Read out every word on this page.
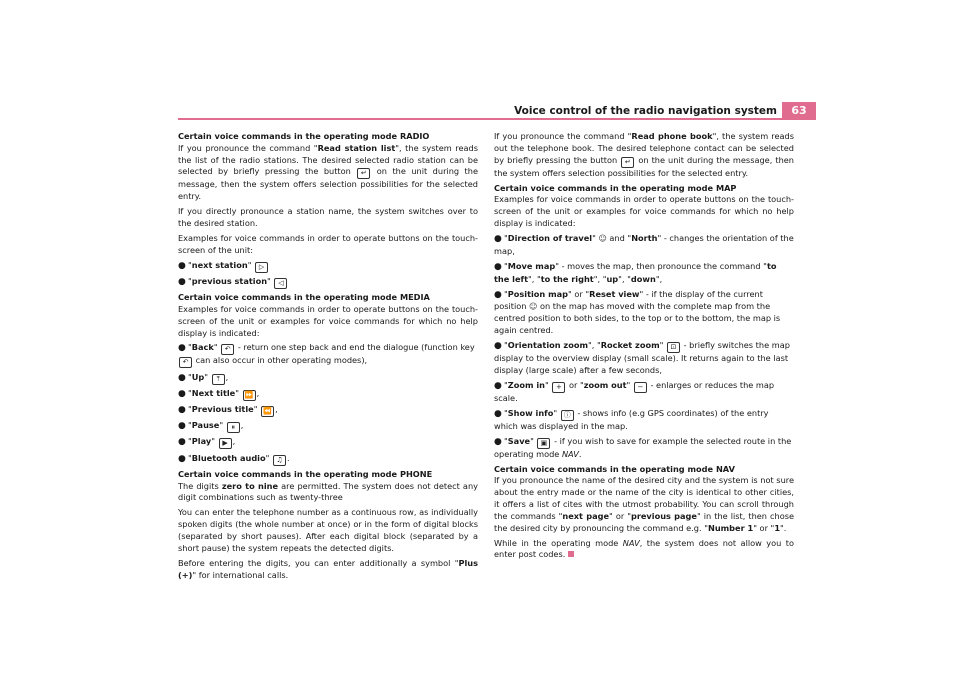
Voice control of the radio navigation system	63
Certain voice commands in the operating mode RADIO
If you pronounce the command "Read station list", the system reads the list of the radio stations. The desired selected radio station can be selected by briefly pressing the button ↵ on the unit during the message, then the system offers selection possibilities for the selected entry.
If you directly pronounce a station name, the system switches over to the desired station.
Examples for voice commands in order to operate buttons on the touch-screen of the unit:
● "next station" ▷
● "previous station" ◁
Certain voice commands in the operating mode MEDIA
Examples for voice commands in order to operate buttons on the touch-screen of the unit or examples for voice commands for which no help display is indicated:
● "Back" ↶ - return one step back and end the dialogue (function key ↶ can also occur in other operating modes),
● "Up" ⤒ ,
● "Next title" ⏩ ,
● "Previous title" ⏪ ,
● "Pause" ⏸ ,
● "Play" ▶ ,
● "Bluetooth audio" ♫ .
Certain voice commands in the operating mode PHONE
The digits zero to nine are permitted. The system does not detect any digit combinations such as twenty-three
You can enter the telephone number as a continuous row, as individually spoken digits (the whole number at once) or in the form of digital blocks (separated by short pauses). After each digital block (separated by a short pause) the system repeats the detected digits.
Before entering the digits, you can enter additionally a symbol "Plus (+)" for international calls.
If you pronounce the command "Read phone book", the system reads out the telephone book. The desired telephone contact can be selected by briefly pressing the button ↵ on the unit during the message, then the system offers selection possibilities for the selected entry.
Certain voice commands in the operating mode MAP
Examples for voice commands in order to operate buttons on the touch-screen of the unit or examples for voice commands for which no help display is indicated:
● "Direction of travel" ☺ and "North" - changes the orientation of the map,
● "Move map" - moves the map, then pronounce the command "to the left", "to the right", "up", "down",
● "Position map" or "Reset view" - if the display of the current position ☺ on the map has moved with the complete map from the centred position to both sides, to the top or to the bottom, the map is again centred.
● "Orientation zoom", "Rocket zoom" ⊡ - briefly switches the map display to the overview display (small scale). It returns again to the last display (large scale) after a few seconds,
● "Zoom in" + or "zoom out" − - enlarges or reduces the map scale.
● "Show info" ⓘ - shows info (e.g GPS coordinates) of the entry which was displayed in the map.
● "Save" ▣ - if you wish to save for example the selected route in the operating mode NAV.
Certain voice commands in the operating mode NAV
If you pronounce the name of the desired city and the system is not sure about the entry made or the name of the city is identical to other cities, it offers a list of cites with the utmost probability. You can scroll through the commands "next page" or "previous page" in the list, then chose the desired city by pronouncing the command e.g. "Number 1" or "1".
While in the operating mode NAV, the system does not allow you to enter post codes.
